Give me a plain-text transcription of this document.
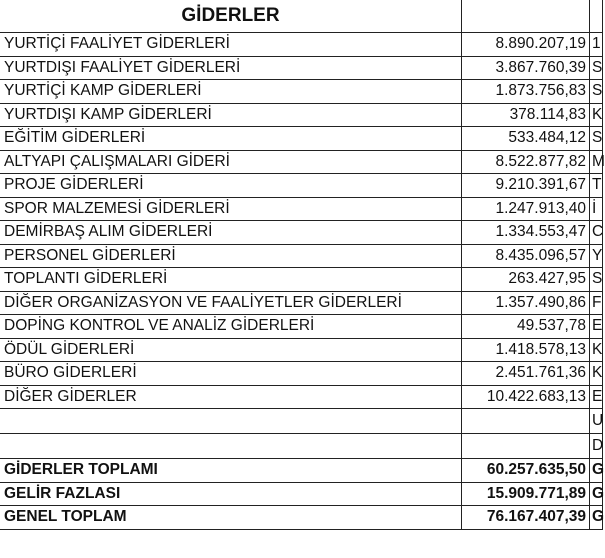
GİDERLER		
YURTİÇİ FAALİYET GİDERLERİ	8.890.207,19	1
YURTDIŞI FAALİYET GİDERLERİ	3.867.760,39	S
YURTİÇİ KAMP GİDERLERİ	1.873.756,83	S
YURTDIŞI KAMP GİDERLERİ	378.114,83	K
EĞİTİM GİDERLERİ	533.484,12	S
ALTYAPI ÇALIŞMALARI GİDERİ	8.522.877,82	M
PROJE GİDERLERİ	9.210.391,67	T
SPOR MALZEMESİ GİDERLERİ	1.247.913,40	İ
DEMİRBAŞ ALIM GİDERLERİ	1.334.553,47	C
PERSONEL GİDERLERİ	8.435.096,57	Y
TOPLANTI GİDERLERİ	263.427,95	S
DİĞER ORGANİZASYON VE FAALİYETLER GİDERLERİ	1.357.490,86	F
DOPİNG KONTROL VE ANALİZ GİDERLERİ	49.537,78	E
ÖDÜL GİDERLERİ	1.418.578,13	K
BÜRO GİDERLERİ	2.451.761,36	K
DİĞER GİDERLER	10.422.683,13	E
		U
		D
GİDERLER TOPLAMI	60.257.635,50	G
GELİR FAZLASI	15.909.771,89	G
GENEL TOPLAM	76.167.407,39	G
